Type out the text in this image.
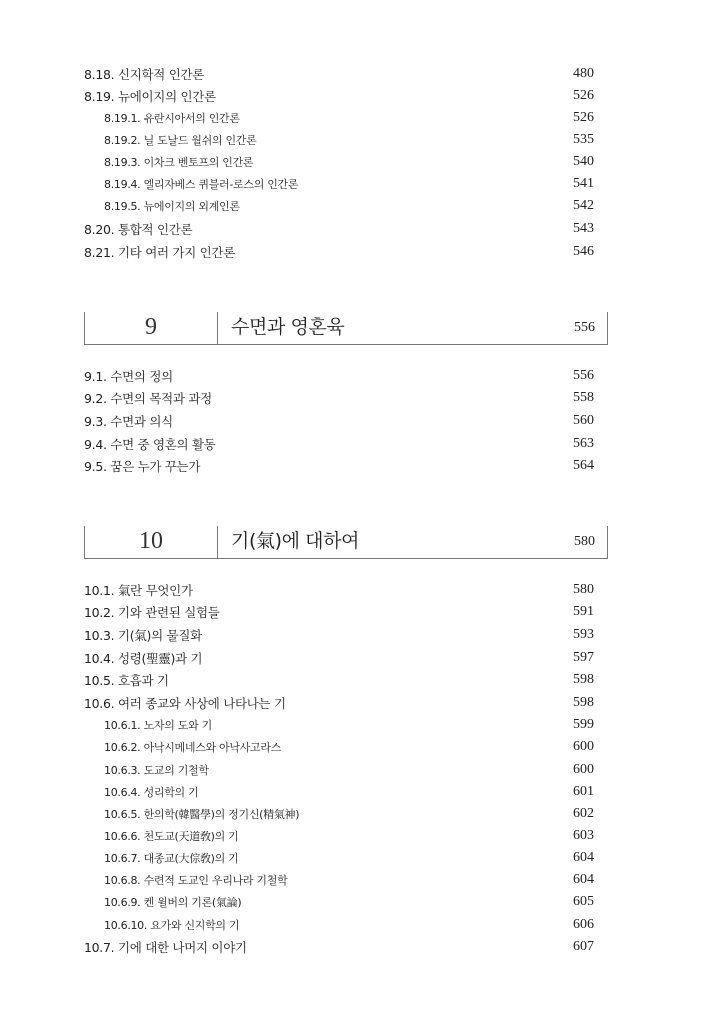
8.18. 신지학적 인간론	480
8.19. 뉴에이지의 인간론	526
8.19.1. 유란시아서의 인간론	526
8.19.2. 닐 도날드 월쉬의 인간론	535
8.19.3. 이차크 벤토프의 인간론	540
8.19.4. 엘리자베스 퀴블러-로스의 인간론	541
8.19.5. 뉴에이지의 외계인론	542
8.20. 통합적 인간론	543
8.21. 기타 여러 가지 인간론	546
9	수면과 영혼육	556
9.1. 수면의 정의	556
9.2. 수면의 목적과 과정	558
9.3. 수면과 의식	560
9.4. 수면 중 영혼의 활동	563
9.5. 꿈은 누가 꾸는가	564
10	기(氣)에 대하여	580
10.1. 氣란 무엇인가	580
10.2. 기와 관련된 실험들	591
10.3. 기(氣)의 물질화	593
10.4. 성령(聖靈)과 기	597
10.5. 호흡과 기	598
10.6. 여러 종교와 사상에 나타나는 기	598
10.6.1. 노자의 도와 기	599
10.6.2. 아낙시메네스와 아낙사고라스	600
10.6.3. 도교의 기철학	600
10.6.4. 성리학의 기	601
10.6.5. 한의학(韓醫學)의 정기신(精氣神)	602
10.6.6. 천도교(天道敎)의 기	603
10.6.7. 대종교(大倧敎)의 기	604
10.6.8. 수련적 도교인 우리나라 기철학	604
10.6.9. 켄 윌버의 기론(氣論)	605
10.6.10. 요가와 신지학의 기	606
10.7. 기에 대한 나머지 이야기	607
